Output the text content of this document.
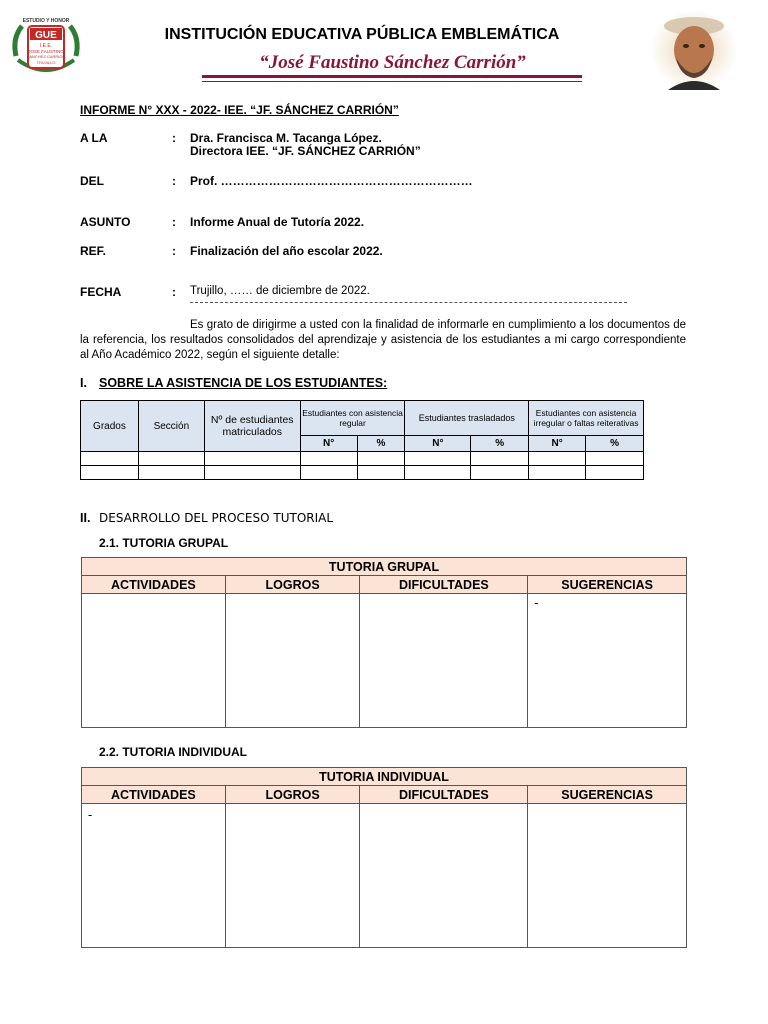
GUE
I.E.E.
JOSE FAUSTINO
SANCHEZ CARRION
TRUJILLO
ESTUDIO Y HONOR
INSTITUCIÓN EDUCATIVA PÚBLICA EMBLEMÁTICA
“José Faustino Sánchez Carrión”
INFORME N° XXX - 2022- IEE. “JF. SÁNCHEZ CARRIÓN”
A LA	: Dra. Francisca M. Tacanga López.
Directora IEE. “JF. SÁNCHEZ CARRIÓN”
DEL	: Prof. ………………………………………………………
ASUNTO	: Informe Anual de Tutoría 2022.
REF.	: Finalización del año escolar 2022.
FECHA	: Trujillo, …… de diciembre de 2022.
Es grato de dirigirme a usted con la finalidad de informarle en cumplimiento a los documentos de la referencia, los resultados consolidados del aprendizaje y asistencia de los estudiantes a mi cargo correspondiente al Año Académico 2022, según el siguiente detalle:
I. SOBRE LA ASISTENCIA DE LOS ESTUDIANTES:
Grados	Sección	Nº de estudiantes matriculados	Estudiantes con asistencia regular		Estudiantes trasladados		Estudiantes con asistencia irregular o faltas reiterativas	
			N°	%	N°	%	N°	%

II. DESARROLLO DEL PROCESO TUTORIAL
2.1. TUTORIA GRUPAL
TUTORIA GRUPAL			
ACTIVIDADES	LOGROS	DIFICULTADES	SUGERENCIAS
			-
2.2. TUTORIA INDIVIDUAL
TUTORIA INDIVIDUAL			
ACTIVIDADES	LOGROS	DIFICULTADES	SUGERENCIAS
-			
